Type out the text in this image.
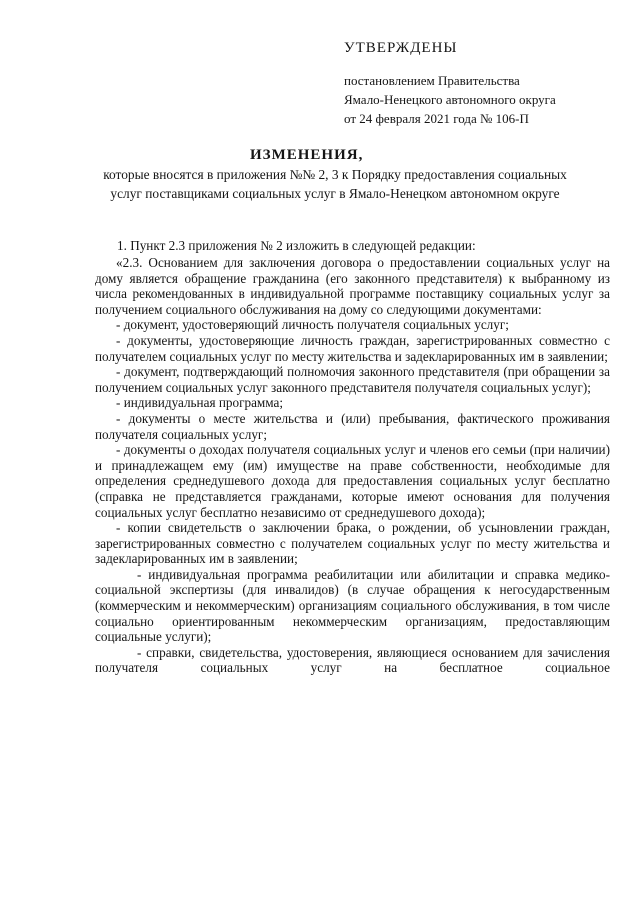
УТВЕРЖДЕНЫ
постановлением Правительства
Ямало-Ненецкого автономного округа
от 24 февраля 2021 года № 106-П
ИЗМЕНЕНИЯ,
которые вносятся в приложения №№ 2, 3 к Порядку предоставления социальных услуг поставщиками социальных услуг в Ямало-Ненецком автономном округе

1. Пункт 2.3 приложения № 2 изложить в следующей редакции:

«2.3. Основанием для заключения договора о предоставлении социальных услуг на дому является обращение гражданина (его законного представителя) к выбранному из числа рекомендованных в индивидуальной программе поставщику социальных услуг за получением социального обслуживания на дому со следующими документами:

- документ, удостоверяющий личность получателя социальных услуг;

- документы, удостоверяющие личность граждан, зарегистрированных совместно с получателем социальных услуг по месту жительства и задекларированных им в заявлении;

- документ, подтверждающий полномочия законного представителя (при обращении за получением социальных услуг законного представителя получателя социальных услуг);

- индивидуальная программа;

- документы о месте жительства и (или) пребывания, фактического проживания получателя социальных услуг;

- документы о доходах получателя социальных услуг и членов его семьи (при наличии) и принадлежащем ему (им) имуществе на праве собственности, необходимые для определения среднедушевого дохода для предоставления социальных услуг бесплатно (справка не представляется гражданами, которые имеют основания для получения социальных услуг бесплатно независимо от среднедушевого дохода);

- копии свидетельств о заключении брака, о рождении, об усыновлении граждан, зарегистрированных совместно с получателем социальных услуг по месту жительства и задекларированных им в заявлении;

- индивидуальная программа реабилитации или абилитации и справка медико-социальной экспертизы (для инвалидов) (в случае обращения к негосударственным (коммерческим и некоммерческим) организациям социального обслуживания, в том числе социально ориентированным некоммерческим организациям, предоставляющим социальные услуги);

- справки, свидетельства, удостоверения, являющиеся основанием для зачисления получателя социальных услуг на бесплатное социальное
